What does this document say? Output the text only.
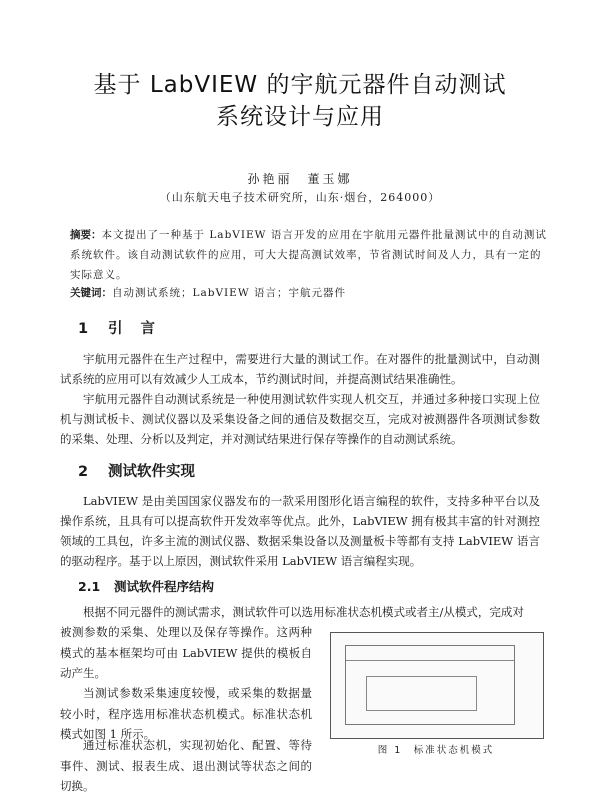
基于 LabVIEW 的宇航元器件自动测试
系统设计与应用
孙艳丽　董玉娜
（山东航天电子技术研究所，山东·烟台，264000）
摘要：本文提出了一种基于 LabVIEW 语言开发的应用在宇航用元器件批量测试中的自动测试系统软件。该自动测试软件的应用，可大大提高测试效率，节省测试时间及人力，具有一定的实际意义。
关键词：自动测试系统；LabVIEW 语言；宇航元器件
1 引言

宇航用元器件在生产过程中，需要进行大量的测试工作。在对器件的批量测试中，自动测试系统的应用可以有效减少人工成本，节约测试时间，并提高测试结果准确性。

宇航用元器件自动测试系统是一种使用测试软件实现人机交互，并通过多种接口实现上位机与测试板卡、测试仪器以及采集设备之间的通信及数据交互，完成对被测器件各项测试参数的采集、处理、分析以及判定，并对测试结果进行保存等操作的自动测试系统。

2 测试软件实现

LabVIEW 是由美国国家仪器发布的一款采用图形化语言编程的软件，支持多种平台以及操作系统，且具有可以提高软件开发效率等优点。此外，LabVIEW 拥有极其丰富的针对测控领域的工具包，许多主流的测试仪器、数据采集设备以及测量板卡等都有支持 LabVIEW 语言的驱动程序。基于以上原因，测试软件采用 LabVIEW 语言编程实现。

2.1 测试软件程序结构

根据不同元器件的测试需求，测试软件可以选用标准状态机模式或者主/从模式，完成对

被测参数的采集、处理以及保存等操作。这两种模式的基本框架均可由 LabVIEW 提供的模板自动产生。

当测试参数采集速度较慢，或采集的数据量较小时，程序选用标准状态机模式。标准状态机模式如图 1 所示。

通过标准状态机，实现初始化、配置、等待事件、测试、报表生成、退出测试等状态之间的切换。

图 1　标准状态机模式
